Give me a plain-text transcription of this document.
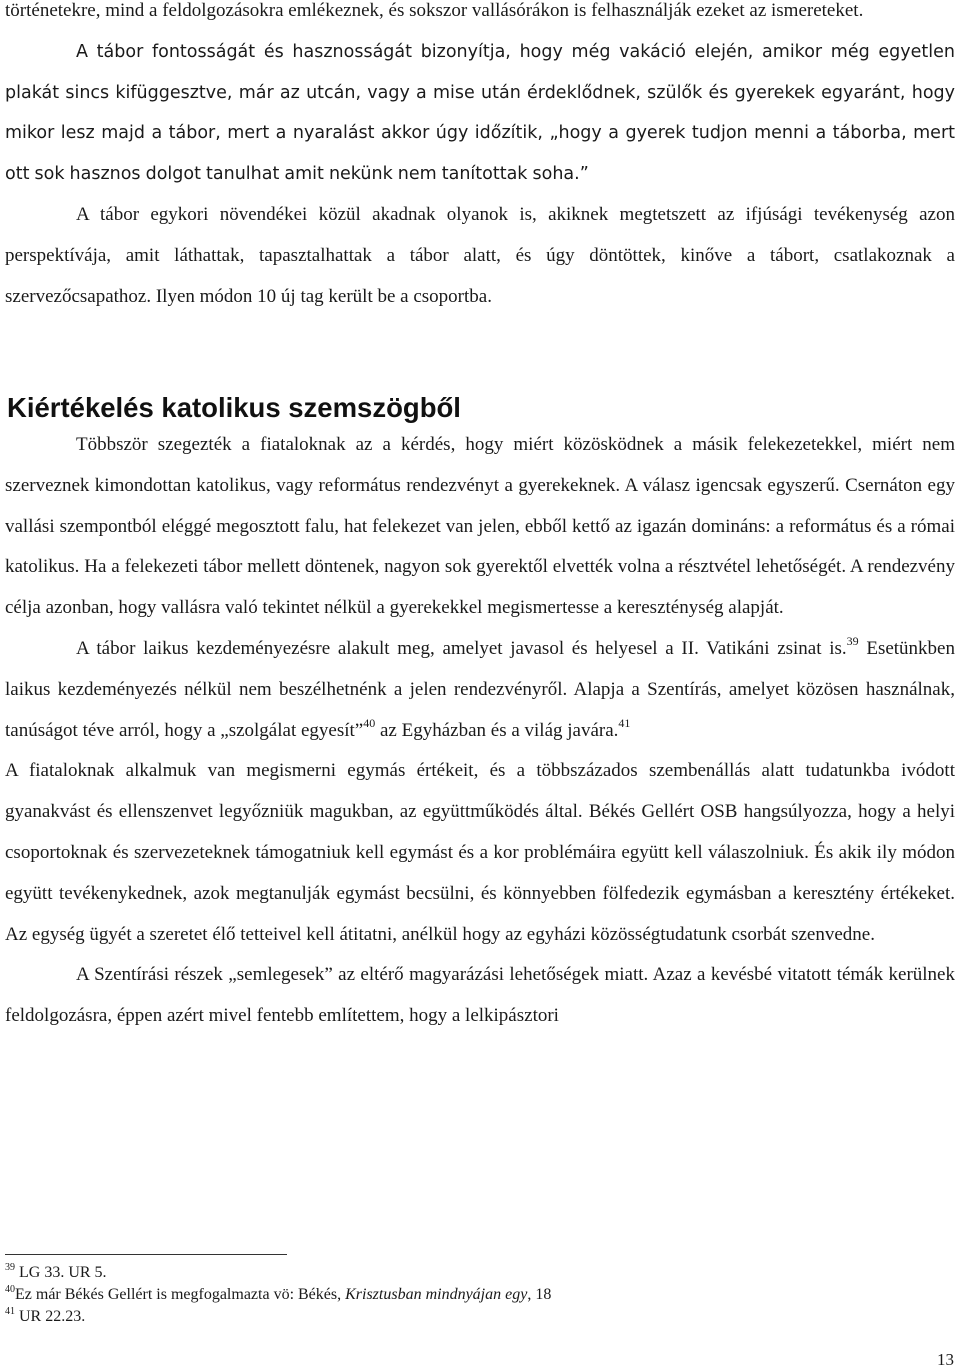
történetekre, mind a feldolgozásokra emlékeznek, és sokszor vallásórákon is felhasználják ezeket az ismereteket.

A tábor fontosságát és hasznosságát bizonyítja, hogy még vakáció elején, amikor még egyetlen plakát sincs kifüggesztve, már az utcán, vagy a mise után érdeklődnek, szülők és gyerekek egyaránt, hogy mikor lesz majd a tábor, mert a nyaralást akkor úgy időzítik, „hogy a gyerek tudjon menni a táborba, mert ott sok hasznos dolgot tanulhat amit nekünk nem tanítottak soha.”

A tábor egykori növendékei közül akadnak olyanok is, akiknek megtetszett az ifjúsági tevékenység azon perspektívája, amit láthattak, tapasztalhattak a tábor alatt, és úgy döntöttek, kinőve a tábort, csatlakoznak a szervezőcsapathoz. Ilyen módon 10 új tag került be a csoportba.

Kiértékelés katolikus szemszögből

Többször szegezték a fiataloknak az a kérdés, hogy miért közösködnek a másik felekezetekkel, miért nem szerveznek kimondottan katolikus, vagy református rendezvényt a gyerekeknek. A válasz igencsak egyszerű. Csernáton egy vallási szempontból eléggé megosztott falu, hat felekezet van jelen, ebből kettő az igazán domináns: a református és a római katolikus. Ha a felekezeti tábor mellett döntenek, nagyon sok gyerektől elvették volna a résztvétel lehetőségét. A rendezvény célja azonban, hogy vallásra való tekintet nélkül a gyerekekkel megismertesse a kereszténység alapját.

A tábor laikus kezdeményezésre alakult meg, amelyet javasol és helyesel a II. Vatikáni zsinat is.$^{39}$ Esetünkben laikus kezdeményezés nélkül nem beszélhetnénk a jelen rendezvényről. Alapja a Szentírás, amelyet közösen használnak, tanúságot téve arról, hogy a „szolgálat egyesít”$^{40}$ az Egyházban és a világ javára.$^{41}$

A fiataloknak alkalmuk van megismerni egymás értékeit, és a többszázados szembenállás alatt tudatunkba ivódott gyanakvást és ellenszenvet legyőzniük magukban, az együttműködés által. Békés Gellért OSB hangsúlyozza, hogy a helyi csoportoknak és szervezeteknek támogatniuk kell egymást és a kor problémáira együtt kell válaszolniuk. És akik ily módon együtt tevékenykednek, azok megtanulják egymást becsülni, és könnyebben fölfedezik egymásban a keresztény értékeket. Az egység ügyét a szeretet élő tetteivel kell átitatni, anélkül hogy az egyházi közösségtudatunk csorbát szenvedne.

A Szentírási részek „semlegesek” az eltérő magyarázási lehetőségek miatt. Azaz a kevésbé vitatott témák kerülnek feldolgozásra, éppen azért mivel fentebb említettem, hogy a lelkipásztori

$^{39}$ LG 33. UR 5.

$^{40}$Ez már Békés Gellért is megfogalmazta vö: Békés, Krisztusban mindnyájan egy, 18

$^{41}$ UR 22.23.

13
